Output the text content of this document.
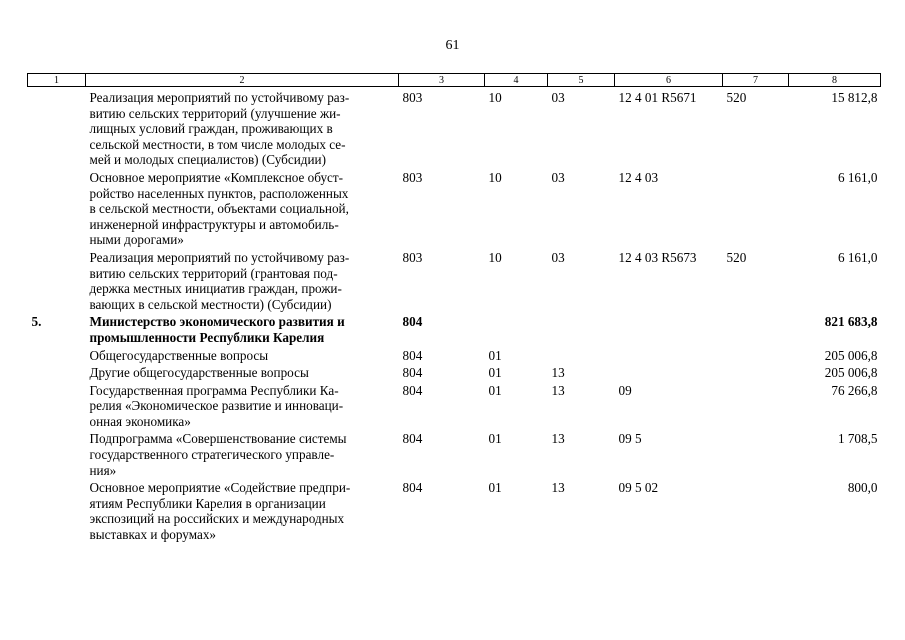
61
1	2	3	4	5	6	7	8
	Реализация мероприятий по устойчивому раз-
витию сельских территорий (улучшение жи-
лищных условий граждан, проживающих в
сельской местности, в том числе молодых се-
мей и молодых специалистов) (Субсидии)	803	10	03	12 4 01 R5671	520	15 812,8
	Основное мероприятие «Комплексное обуст-
ройство населенных пунктов, расположенных
в сельской местности, объектами социальной,
инженерной инфраструктуры и автомобиль-
ными дорогами»	803	10	03	12 4 03		6 161,0
	Реализация мероприятий по устойчивому раз-
витию сельских территорий (грантовая под-
держка местных инициатив граждан, прожи-
вающих в сельской местности) (Субсидии)	803	10	03	12 4 03 R5673	520	6 161,0
5.	Министерство экономического развития и
промышленности Республики Карелия	804					821 683,8
	Общегосударственные вопросы	804	01				205 006,8
	Другие общегосударственные вопросы	804	01	13			205 006,8
	Государственная программа Республики Ка-
релия «Экономическое развитие и инноваци-
онная экономика»	804	01	13	09		76 266,8
	Подпрограмма «Совершенствование системы
государственного стратегического управле-
ния»	804	01	13	09 5		1 708,5
	Основное мероприятие «Содействие предпри-
ятиям Республики Карелия в организации
экспозиций на российских и международных
выставках и форумах»	804	01	13	09 5 02		800,0
